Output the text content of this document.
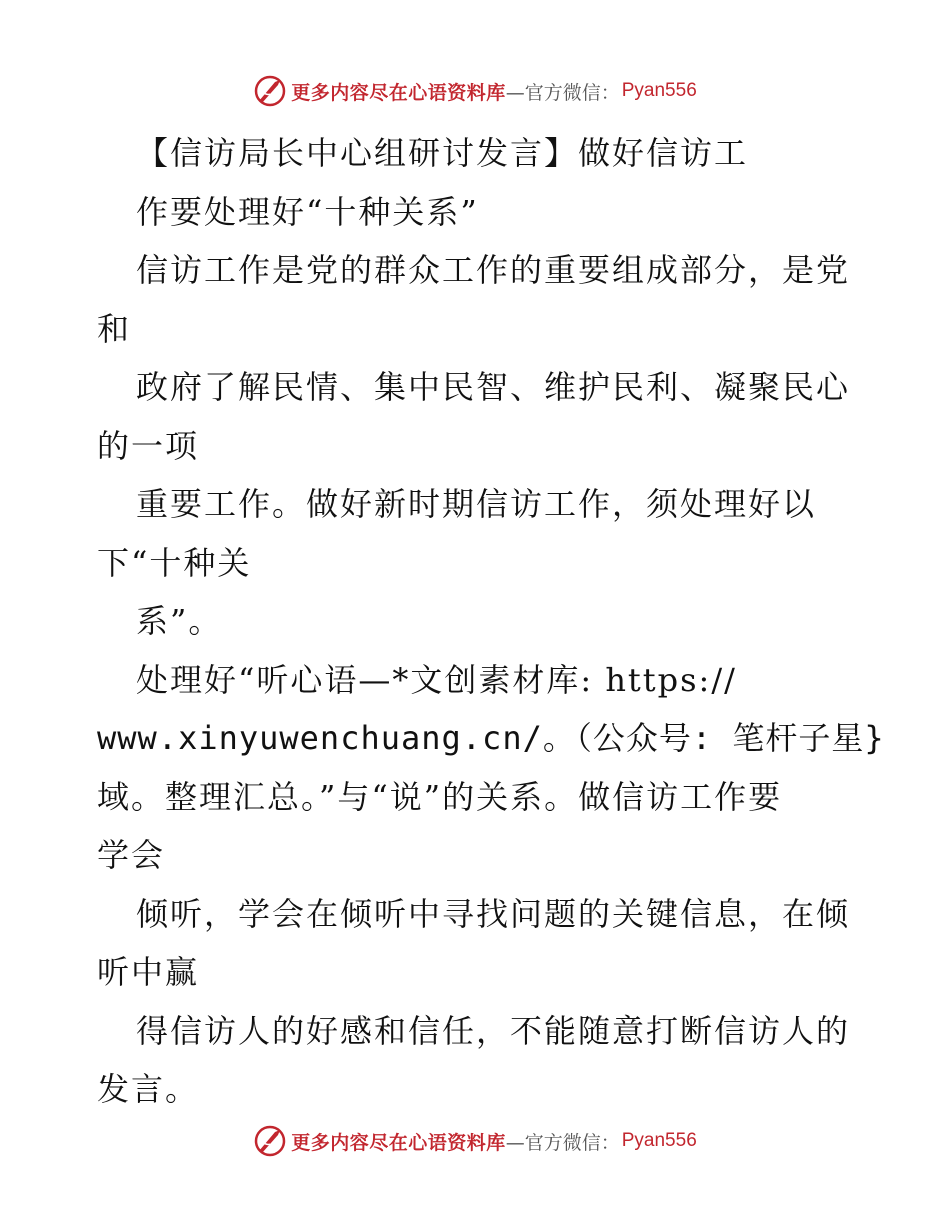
更多内容尽在心语资料库 —官方微信： Pyan556
【信访局长中心组研讨发言】做好信访工
作要处理好“十种关系”
信访工作是党的群众工作的重要组成部分，是党
和
政府了解民情、集中民智、维护民利、凝聚民心
的一项
重要工作。做好新时期信访工作，须处理好以
下“十种关
系”。
处理好“听心语—*文创素材库: https://
www.xinyuwenchuang.cn/。（公众号: 笔杆子星}
域。整理汇总。”与“说”的关系。做信访工作要
学会
倾听，学会在倾听中寻找问题的关键信息，在倾
听中赢
得信访人的好感和信任，不能随意打断信访人的
发言。
更多内容尽在心语资料库 —官方微信： Pyan556
